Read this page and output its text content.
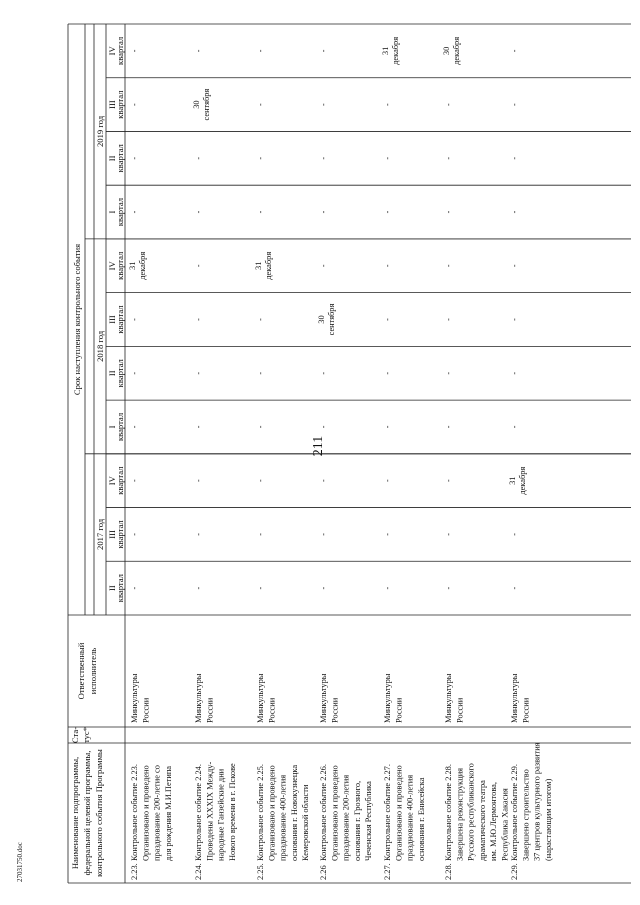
211
27031750.doc	Наименование подпрограммы, федеральной целевой программы, контрольного события Программы
Ста- тус*
Ответственный исполнитель
Срок наступления контрольного события
2017 год
2018 год
2019 год
II
квартал
III
квартал
IV
квартал
I
квартал
II
квартал
III
квартал
IV
квартал
I
квартал
II
квартал
III
квартал
IV
квартал
2.23.
Контрольное событие 2.23. Организовано и проведено празднование 200-летие со для рождения М.И.Петипа
Минкультуры России
-
-
-
-
-
-
31 декабря
-
-
-
-
2.24.
Контрольное событие 2.24. Проведены XXXIX Между- народные Ганзейские дни Нового времени в г. Пскове
Минкультуры России
-
-
-
-
-
-
-
-
-
30 сентября
-
2.25.
Контрольное событие 2.25. Организовано и проведено празднование 400-летия основания г. Новокузнецка Кемеровской области
Минкультуры России
-
-
-
-
-
-
31 декабря
-
-
-
-
2.26
Контрольное событие 2.26. Организовано и проведено празднование 200-летия основания г. Грозного, Чеченская Республика
Минкультуры России
-
-
-
-
-
30 сентября
-
-
-
-
-
2.27.
Контрольное событие 2.27. Организовано и проведено празднование 400-летия основания г. Енисейска
Минкультуры России
-
-
-
-
-
-
-
-
-
-
31 декабря
2.28.
Контрольное событие 2.28. Завершена реконструкция Русского республиканского драматического театра им. М.Ю.Лермонтова, Республика Хакасия
Минкультуры России
-
-
-
-
-
-
-
-
-
-
30 декабря
2.29.
Контрольное событие 2.29. Завершено строительство 37 центров культурного развития (нарастающим итогом)
Минкультуры России
-
-
31 декабря
-
-
-
-
-
-
-
-
